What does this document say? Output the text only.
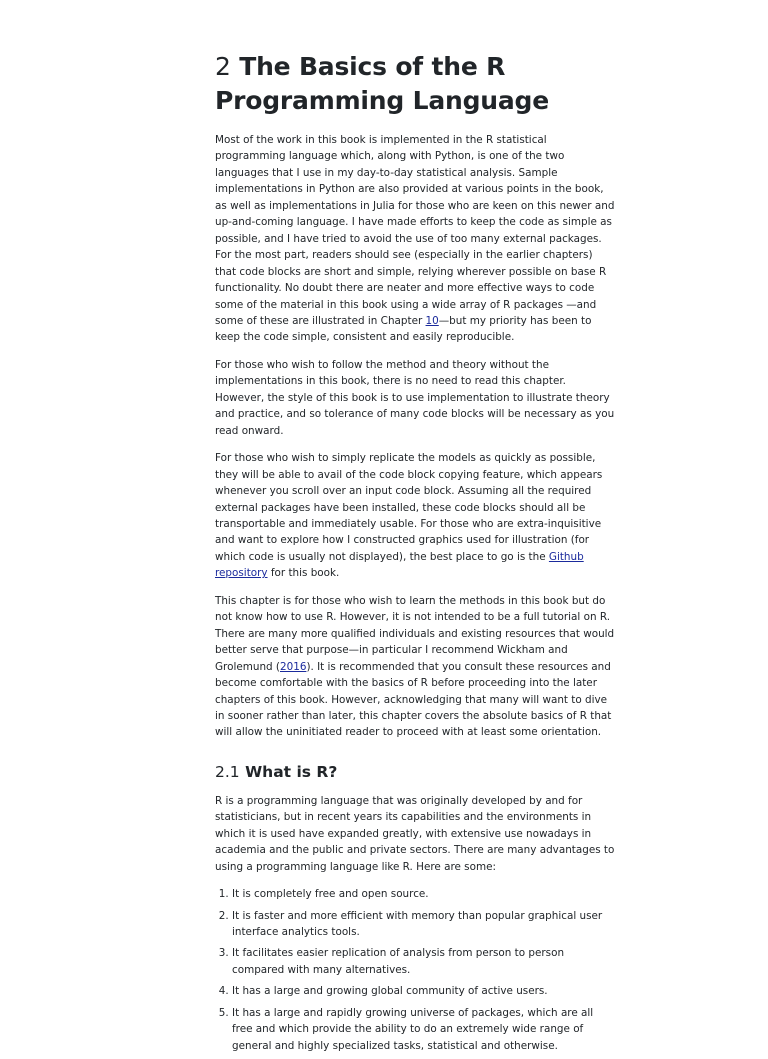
2 The Basics of the R
Programming Language

Most of the work in this book is implemented in the R statistical programming language which, along with Python, is one of the two languages that I use in my day-to-day statistical analysis. Sample implementations in Python are also provided at various points in the book, as well as implementations in Julia for those who are keen on this newer and up-and-coming language. I have made efforts to keep the code as simple as possible, and I have tried to avoid the use of too many external packages. For the most part, readers should see (especially in the earlier chapters) that code blocks are short and simple, relying wherever possible on base R functionality. No doubt there are neater and more effective ways to code some of the material in this book using a wide array of R packages —and some of these are illustrated in Chapter 10—but my priority has been to keep the code simple, consistent and easily reproducible.

For those who wish to follow the method and theory without the implementations in this book, there is no need to read this chapter. However, the style of this book is to use implementation to illustrate theory and practice, and so tolerance of many code blocks will be necessary as you read onward.

For those who wish to simply replicate the models as quickly as possible, they will be able to avail of the code block copying feature, which appears whenever you scroll over an input code block. Assuming all the required external packages have been installed, these code blocks should all be transportable and immediately usable. For those who are extra-inquisitive and want to explore how I constructed graphics used for illustration (for which code is usually not displayed), the best place to go is the Github repository for this book.

This chapter is for those who wish to learn the methods in this book but do not know how to use R. However, it is not intended to be a full tutorial on R. There are many more qualified individuals and existing resources that would better serve that purpose—in particular I recommend Wickham and Grolemund (2016). It is recommended that you consult these resources and become comfortable with the basics of R before proceeding into the later chapters of this book. However, acknowledging that many will want to dive in sooner rather than later, this chapter covers the absolute basics of R that will allow the uninitiated reader to proceed with at least some orientation.

2.1 What is R?

R is a programming language that was originally developed by and for statisticians, but in recent years its capabilities and the environments in which it is used have expanded greatly, with extensive use nowadays in academia and the public and private sectors. There are many advantages to using a programming language like R. Here are some:

1. It is completely free and open source.
2. It is faster and more efficient with memory than popular graphical user interface analytics tools.
3. It facilitates easier replication of analysis from person to person compared with many alternatives.
4. It has a large and growing global community of active users.
5. It has a large and rapidly growing universe of packages, which are all free and which provide the ability to do an extremely wide range of general and highly specialized tasks, statistical and otherwise.
